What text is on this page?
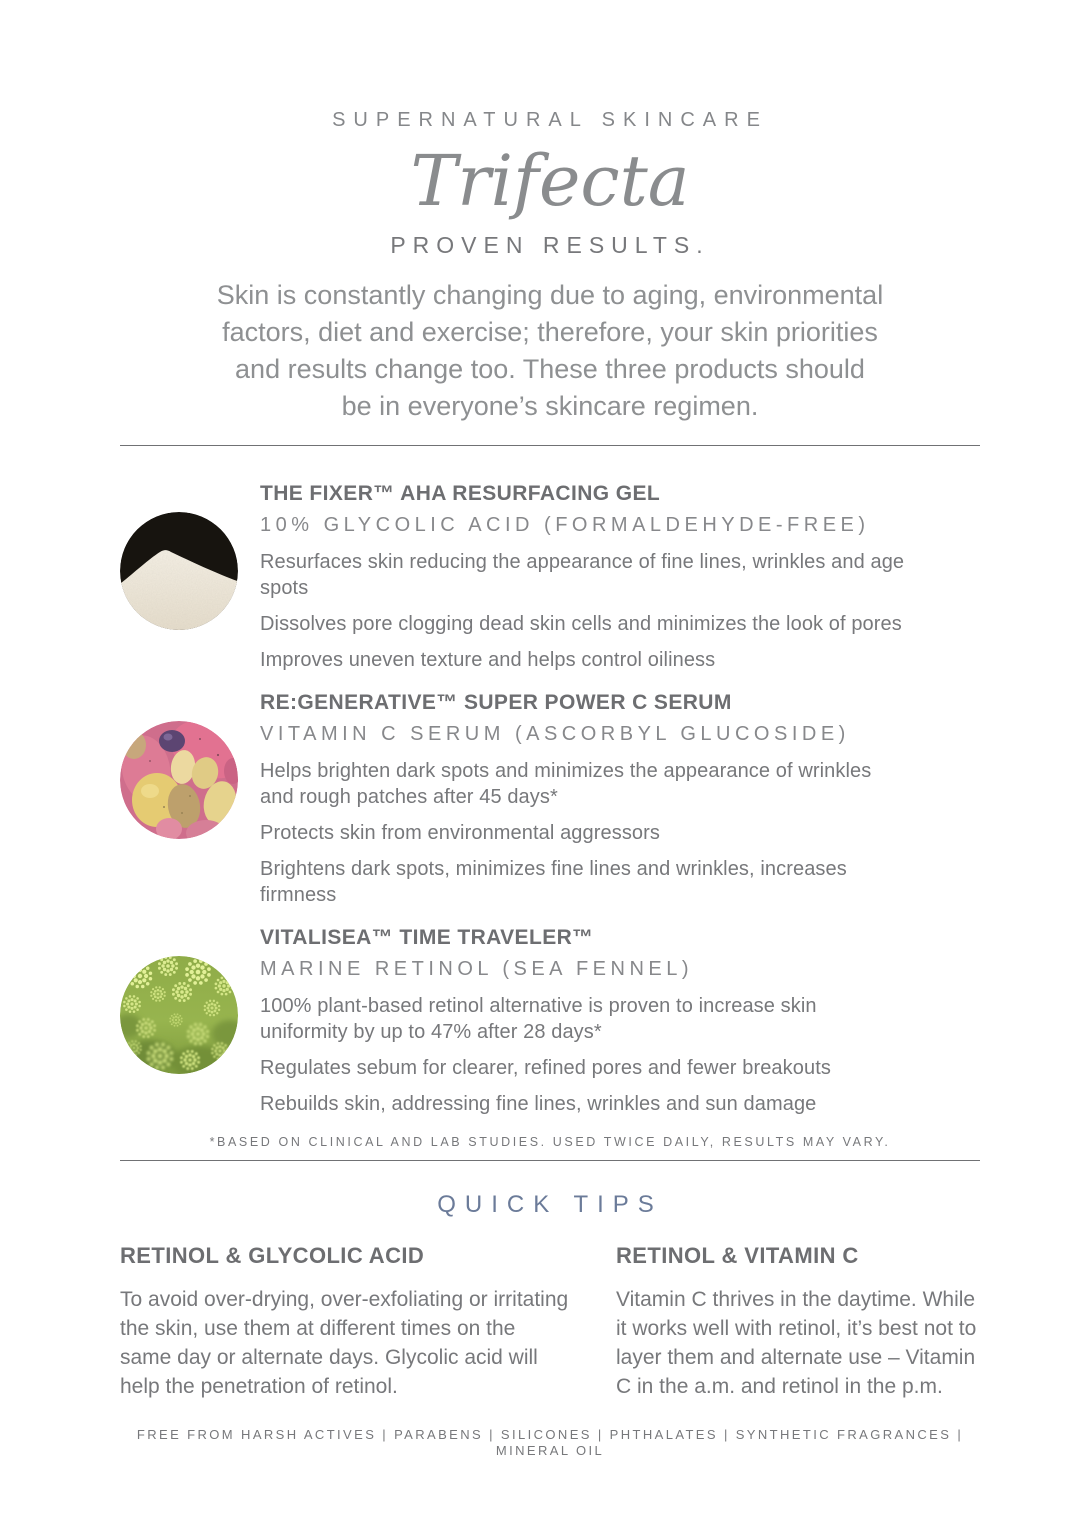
SUPERNATURAL SKINCARE
Trifecta
PROVEN RESULTS.
Skin is constantly changing due to aging, environmental
factors, diet and exercise; therefore, your skin priorities
and results change too. These three products should
be in everyone’s skincare regimen.
THE FIXER™ AHA RESURFACING GEL
10% GLYCOLIC ACID (FORMALDEHYDE-FREE)

Resurfaces skin reducing the appearance of fine lines, wrinkles and age spots

Dissolves pore clogging dead skin cells and minimizes the look of pores

Improves uneven texture and helps control oiliness

RE:GENERATIVE™ SUPER POWER C SERUM
VITAMIN C SERUM (ASCORBYL GLUCOSIDE)

Helps brighten dark spots and minimizes the appearance of wrinkles and rough patches after 45 days*

Protects skin from environmental aggressors

Brightens dark spots, minimizes fine lines and wrinkles, increases firmness

VITALISEA™ TIME TRAVELER™
MARINE RETINOL (SEA FENNEL)

100% plant-based retinol alternative is proven to increase skin uniformity by up to 47% after 28 days*

Regulates sebum for clearer, refined pores and fewer breakouts

Rebuilds skin, addressing fine lines, wrinkles and sun damage

*BASED ON CLINICAL AND LAB STUDIES. USED TWICE DAILY, RESULTS MAY VARY.
QUICK TIPS
RETINOL & GLYCOLIC ACID

To avoid over-drying, over-exfoliating or irritating the skin, use them at different times on the same day or alternate days. Glycolic acid will help the penetration of retinol.

RETINOL & VITAMIN C

Vitamin C thrives in the daytime. While it works well with retinol, it’s best not to layer them and alternate use – Vitamin C in the a.m. and retinol in the p.m.

FREE FROM HARSH ACTIVES | PARABENS | SILICONES | PHTHALATES | SYNTHETIC FRAGRANCES | MINERAL OIL
